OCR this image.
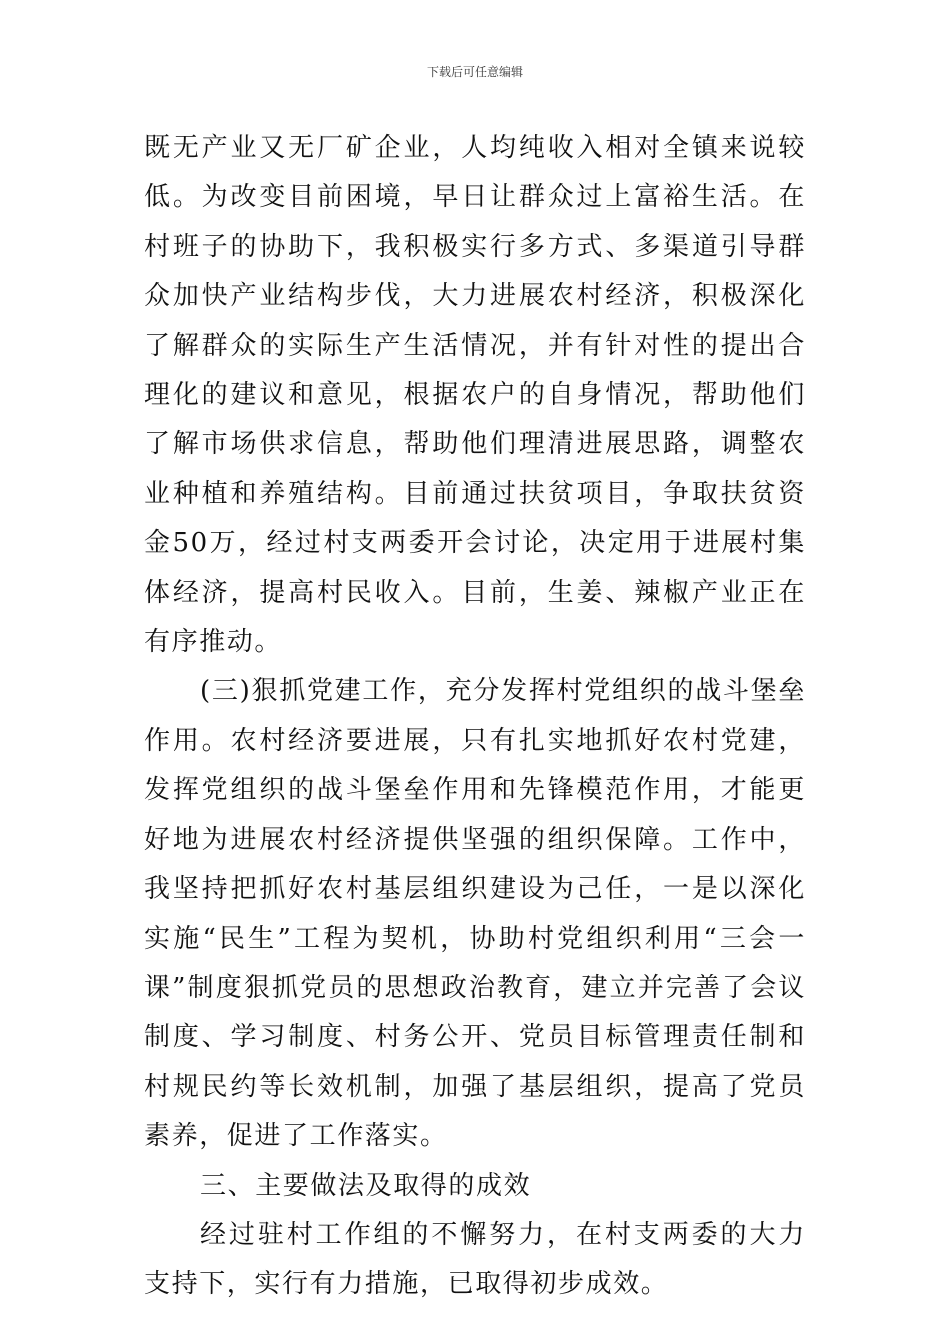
下载后可任意编辑

既无产业又无厂矿企业，人均纯收入相对全镇来说较低。为改变目前困境，早日让群众过上富裕生活。在村班子的协助下，我积极实行多方式、多渠道引导群众加快产业结构步伐，大力进展农村经济，积极深化了解群众的实际生产生活情况，并有针对性的提出合理化的建议和意见，根据农户的自身情况，帮助他们了解市场供求信息，帮助他们理清进展思路，调整农业种植和养殖结构。目前通过扶贫项目，争取扶贫资金50万，经过村支两委开会讨论，决定用于进展村集体经济，提高村民收入。目前，生姜、辣椒产业正在有序推动。

(三)狠抓党建工作，充分发挥村党组织的战斗堡垒作用。农村经济要进展，只有扎实地抓好农村党建，发挥党组织的战斗堡垒作用和先锋模范作用，才能更好地为进展农村经济提供坚强的组织保障。工作中，我坚持把抓好农村基层组织建设为己任，一是以深化实施“民生”工程为契机，协助村党组织利用“三会一课”制度狠抓党员的思想政治教育，建立并完善了会议制度、学习制度、村务公开、党员目标管理责任制和村规民约等长效机制，加强了基层组织，提高了党员素养，促进了工作落实。

三、主要做法及取得的成效

经过驻村工作组的不懈努力，在村支两委的大力支持下，实行有力措施，已取得初步成效。
